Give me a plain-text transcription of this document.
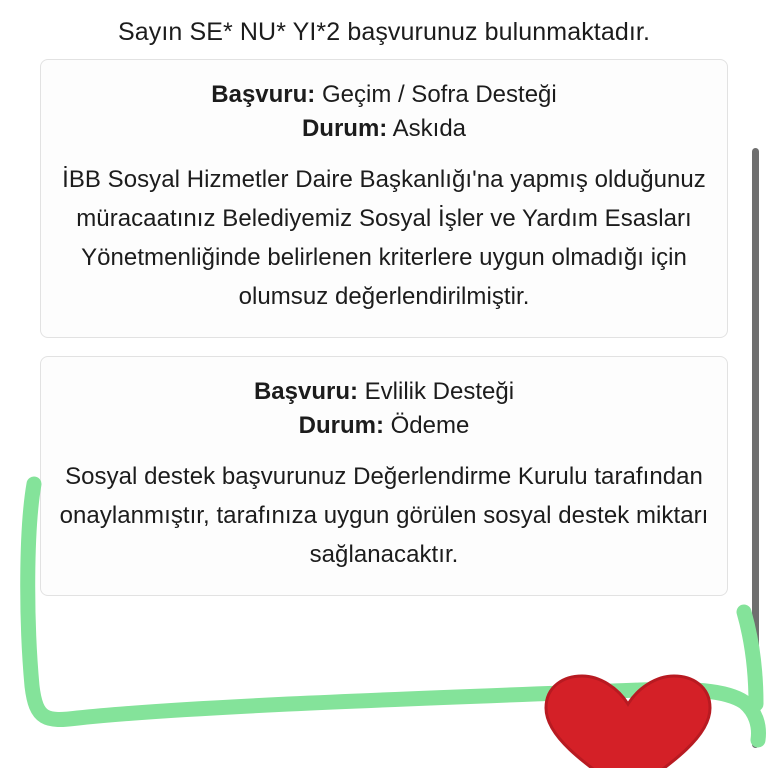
Sayın SE* NU* YI*2 başvurunuz bulunmaktadır.
Başvuru: Geçim / Sofra Desteği
Durum: Askıda
İBB Sosyal Hizmetler Daire Başkanlığı'na yapmış olduğunuz müracaatınız Belediyemiz Sosyal İşler ve Yardım Esasları Yönetmenliğinde belirlenen kriterlere uygun olmadığı için olumsuz değerlendirilmiştir.
Başvuru: Evlilik Desteği
Durum: Ödeme
Sosyal destek başvurunuz Değerlendirme Kurulu tarafından onaylanmıştır, tarafınıza uygun görülen sosyal destek miktarı sağlanacaktır.
